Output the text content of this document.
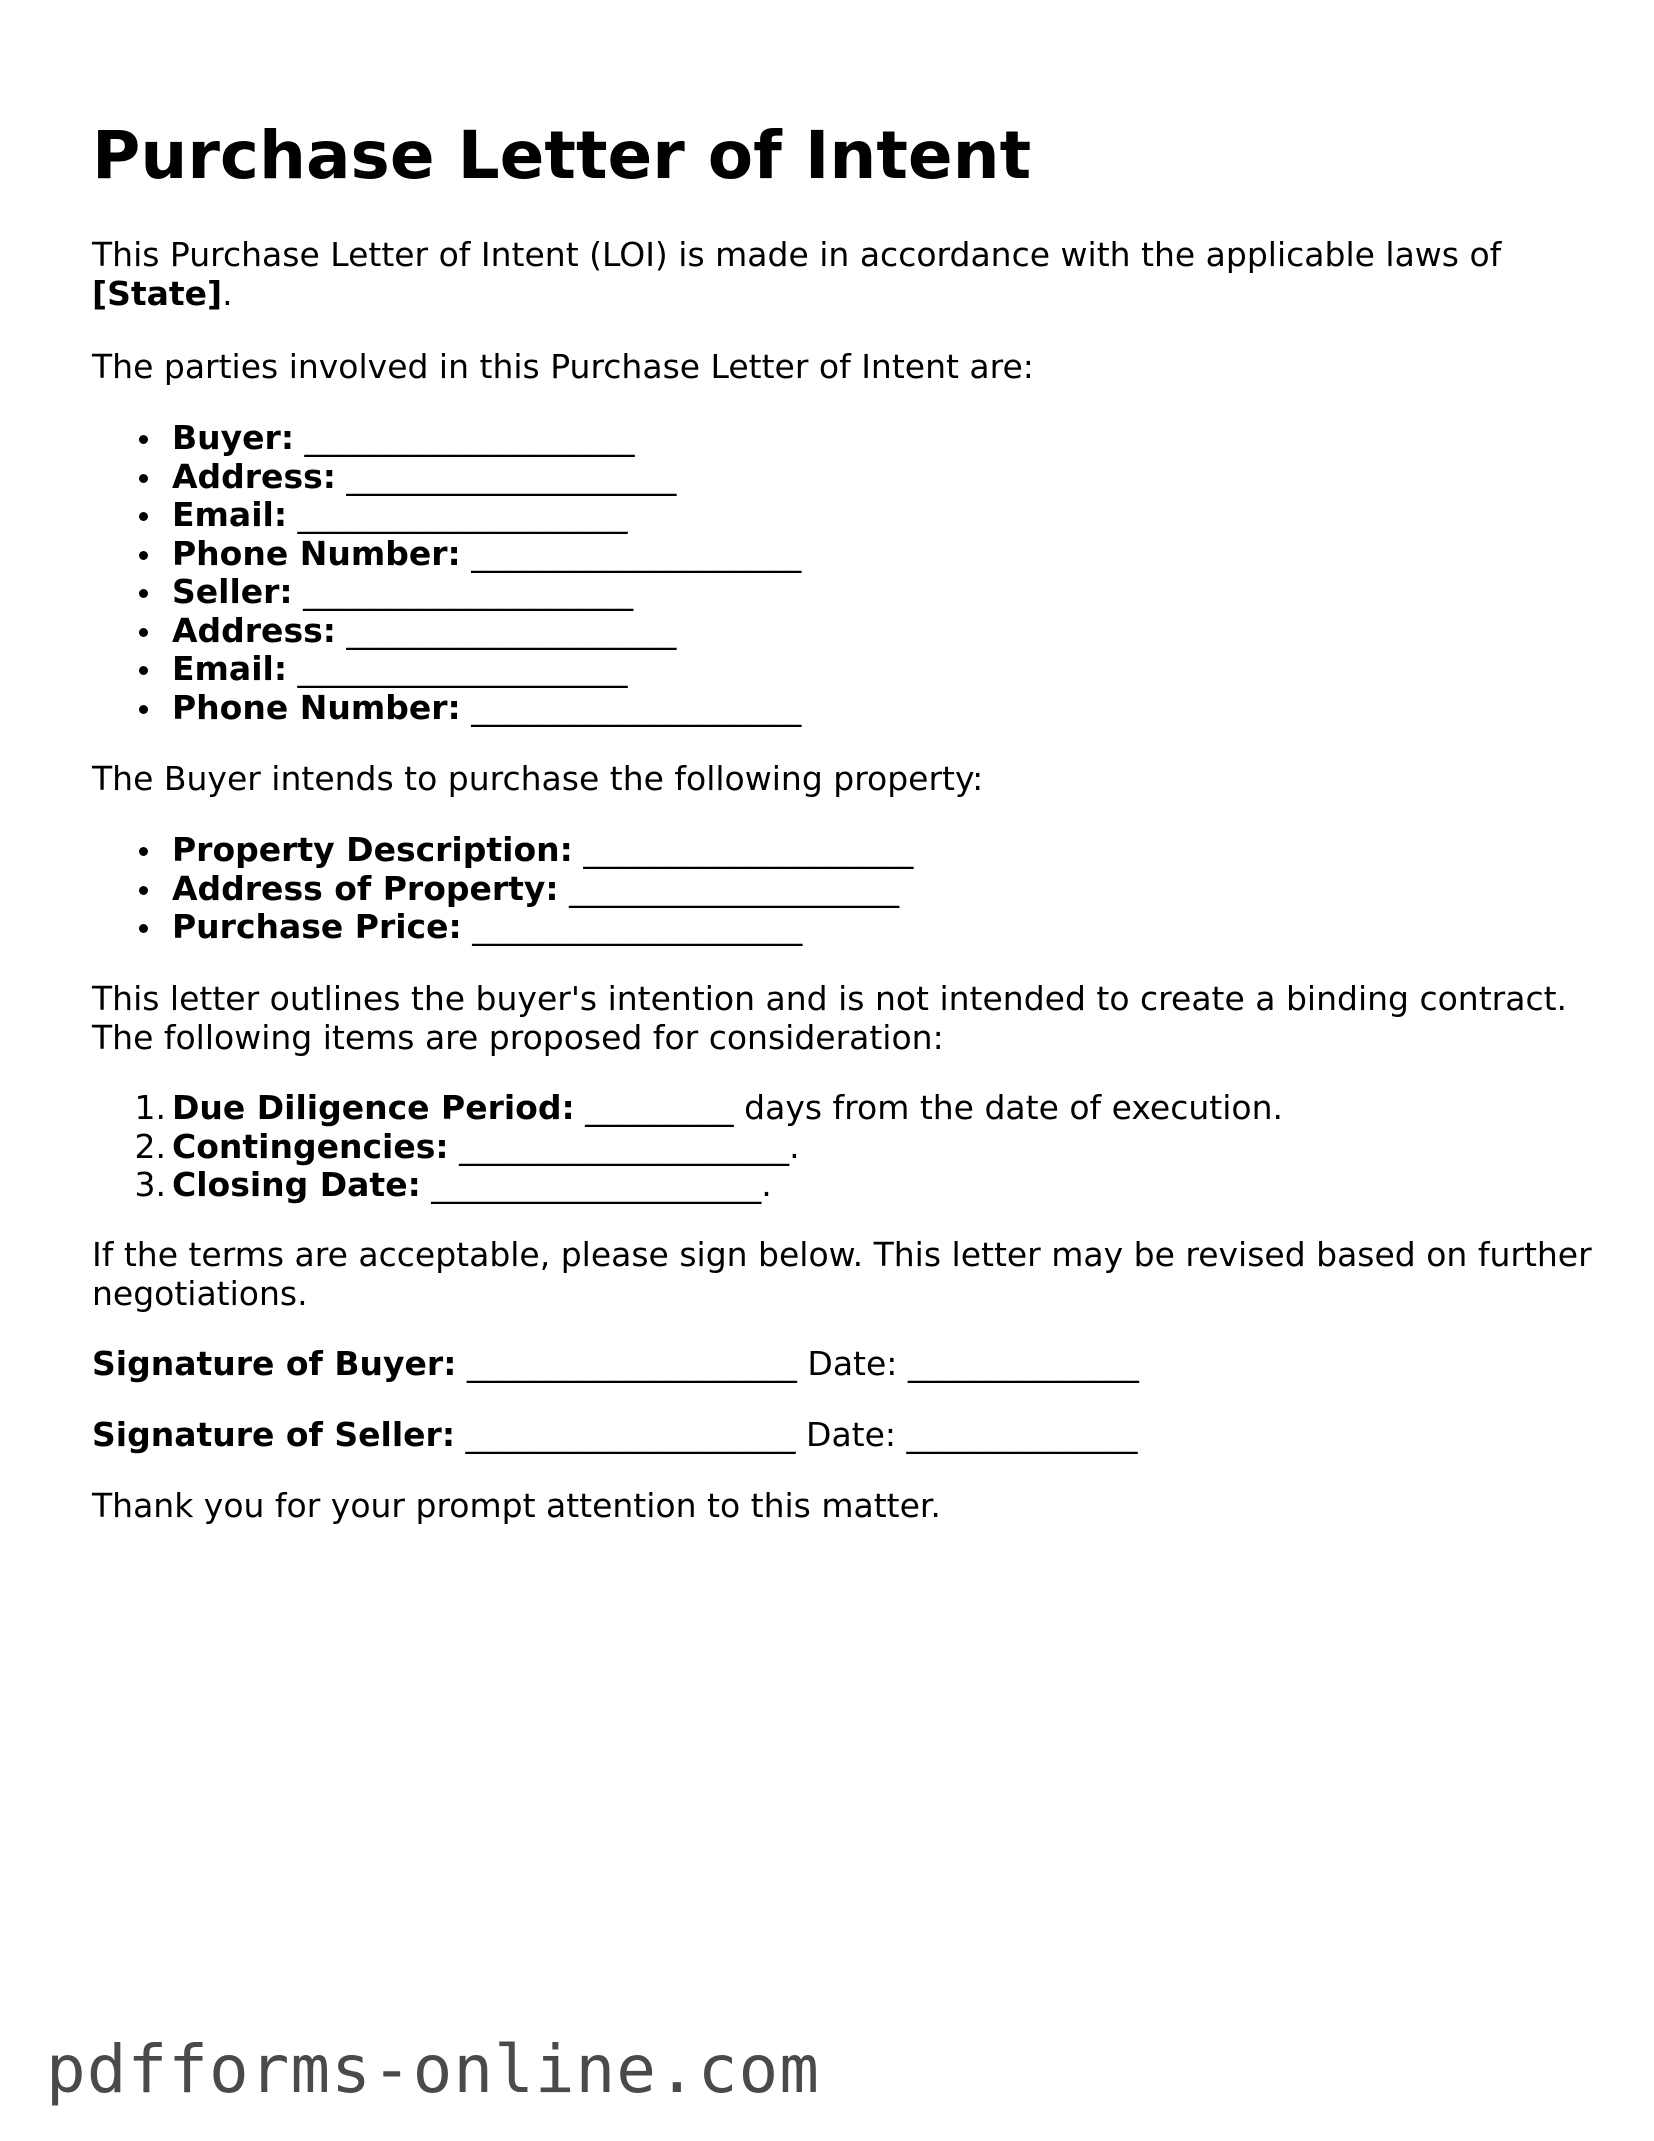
Purchase Letter of Intent

This Purchase Letter of Intent (LOI) is made in accordance with the applicable laws of [State].

The parties involved in this Purchase Letter of Intent are:

Buyer: ____________________
Address: ____________________
Email: ____________________
Phone Number: ____________________
Seller: ____________________
Address: ____________________
Email: ____________________
Phone Number: ____________________

The Buyer intends to purchase the following property:

Property Description: ____________________
Address of Property: ____________________
Purchase Price: ____________________

This letter outlines the buyer's intention and is not intended to create a binding contract. The following items are proposed for consideration:

1. Due Diligence Period: _________ days from the date of execution.
2. Contingencies: ____________________.
3. Closing Date: ____________________.

If the terms are acceptable, please sign below. This letter may be revised based on further negotiations.

Signature of Buyer: ____________________ Date: ______________

Signature of Seller: ____________________ Date: ______________

Thank you for your prompt attention to this matter.

pdfforms-online.com
